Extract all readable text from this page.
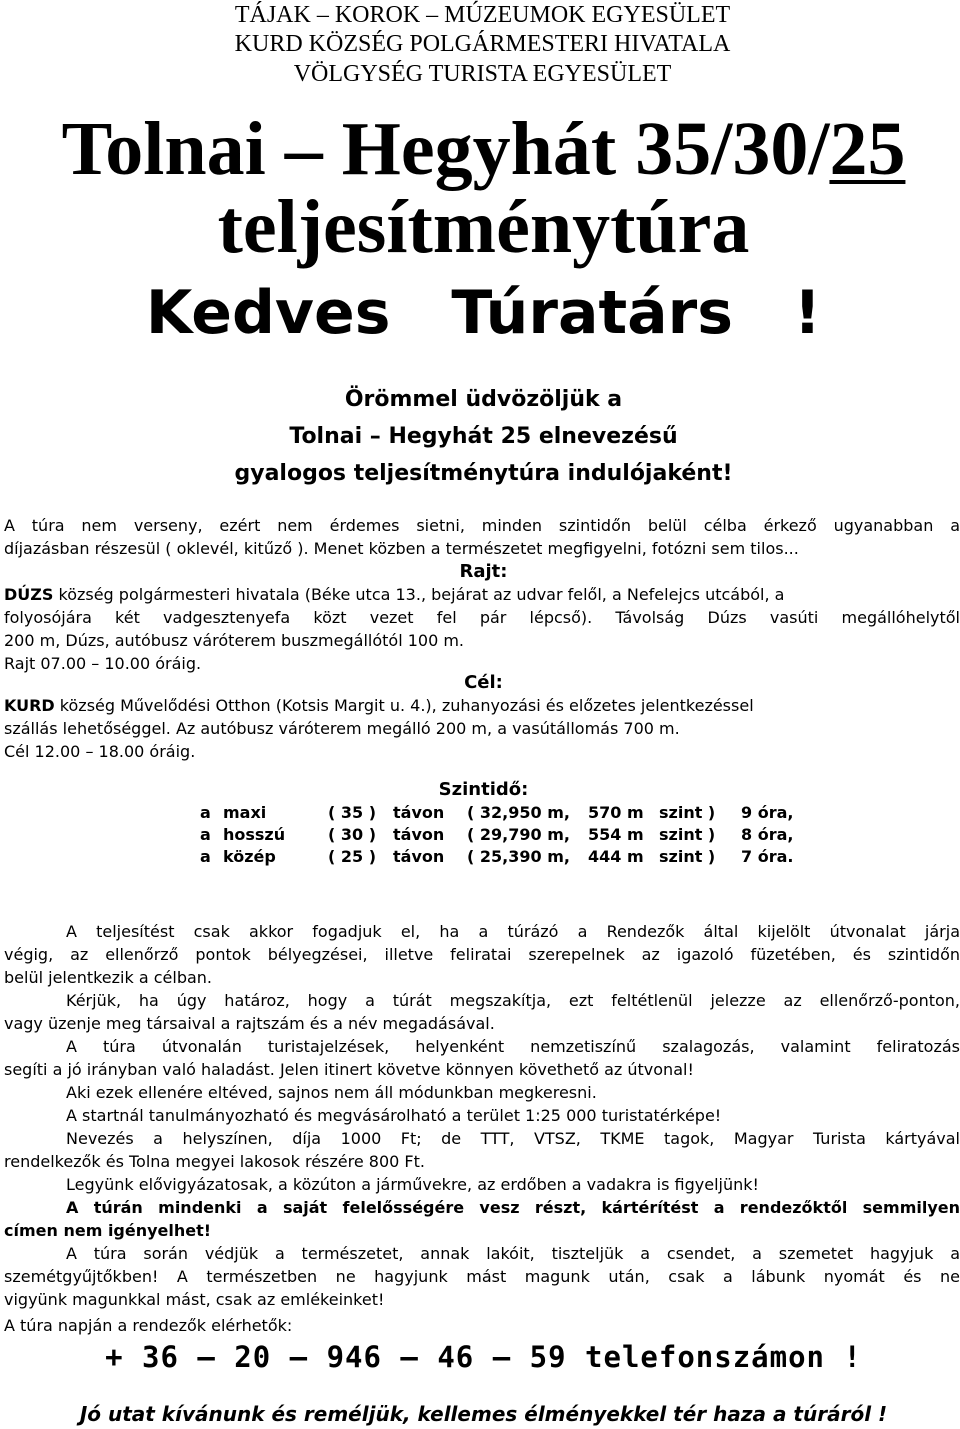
TÁJAK – KOROK – MÚZEUMOK EGYESÜLET
KURD KÖZSÉG POLGÁRMESTERI HIVATALA
VÖLGYSÉG TURISTA EGYESÜLET
Tolnai – Hegyhát 35/30/25
teljesítménytúra
Kedves Túratárs !
Örömmel üdvözöljük a
Tolnai – Hegyhát 25 elnevezésű
gyalogos teljesítménytúra indulójaként!
A túra nem verseny, ezért nem érdemes sietni, minden szintidőn belül célba érkező ugyanabban a
díjazásban részesül ( oklevél, kitűző ). Menet közben a természetet megfigyelni, fotózni sem tilos...
Rajt:
DÚZS község polgármesteri hivatala (Béke utca 13., bejárat az udvar felől, a Nefelejcs utcából, a
folyosójára két vadgesztenyefa közt vezet fel pár lépcső). Távolság Dúzs vasúti megállóhelytől
200 m, Dúzs, autóbusz váróterem buszmegállótól 100 m.
Rajt 07.00 – 10.00 óráig.
Cél:
KURD község Művelődési Otthon (Kotsis Margit u. 4.), zuhanyozási és előzetes jelentkezéssel
szállás lehetőséggel. Az autóbusz váróterem megálló 200 m, a vasútállomás 700 m.
Cél 12.00 – 18.00 óráig.
Szintidő:
a maxi	( 35 ) távon ( 32,950 m, 570 m szint ) 9 óra,
a hosszú	( 30 ) távon ( 29,790 m, 554 m szint ) 8 óra,
a közép	( 25 ) távon ( 25,390 m, 444 m szint ) 7 óra.
A teljesítést csak akkor fogadjuk el, ha a túrázó a Rendezők által kijelölt útvonalat járja
végig, az ellenőrző pontok bélyegzései, illetve feliratai szerepelnek az igazoló füzetében, és szintidőn
belül jelentkezik a célban.
Kérjük, ha úgy határoz, hogy a túrát megszakítja, ezt feltétlenül jelezze az ellenőrző-ponton,
vagy üzenje meg társaival a rajtszám és a név megadásával.
A túra útvonalán turistajelzések, helyenként nemzetiszínű szalagozás, valamint feliratozás
segíti a jó irányban való haladást. Jelen itinert követve könnyen követhető az útvonal!
Aki ezek ellenére eltéved, sajnos nem áll módunkban megkeresni.
A startnál tanulmányozható és megvásárolható a terület 1:25 000 turistatérképe!
Nevezés a helyszínen, díja 1000 Ft; de TTT, VTSZ, TKME tagok, Magyar Turista kártyával
rendelkezők és Tolna megyei lakosok részére 800 Ft.
Legyünk elővigyázatosak, a közúton a járművekre, az erdőben a vadakra is figyeljünk!
A túrán mindenki a saját felelősségére vesz részt, kártérítést a rendezőktől semmilyen
címen nem igényelhet!
A túra során védjük a természetet, annak lakóit, tiszteljük a csendet, a szemetet hagyjuk a
szemétgyűjtőkben! A természetben ne hagyjunk mást magunk után, csak a lábunk nyomát és ne
vigyünk magunkkal mást, csak az emlékeinket!
A túra napján a rendezők elérhetők:
+ 36 – 20 – 946 – 46 – 59 telefonszámon !
Jó utat kívánunk és reméljük, kellemes élményekkel tér haza a túráról !
